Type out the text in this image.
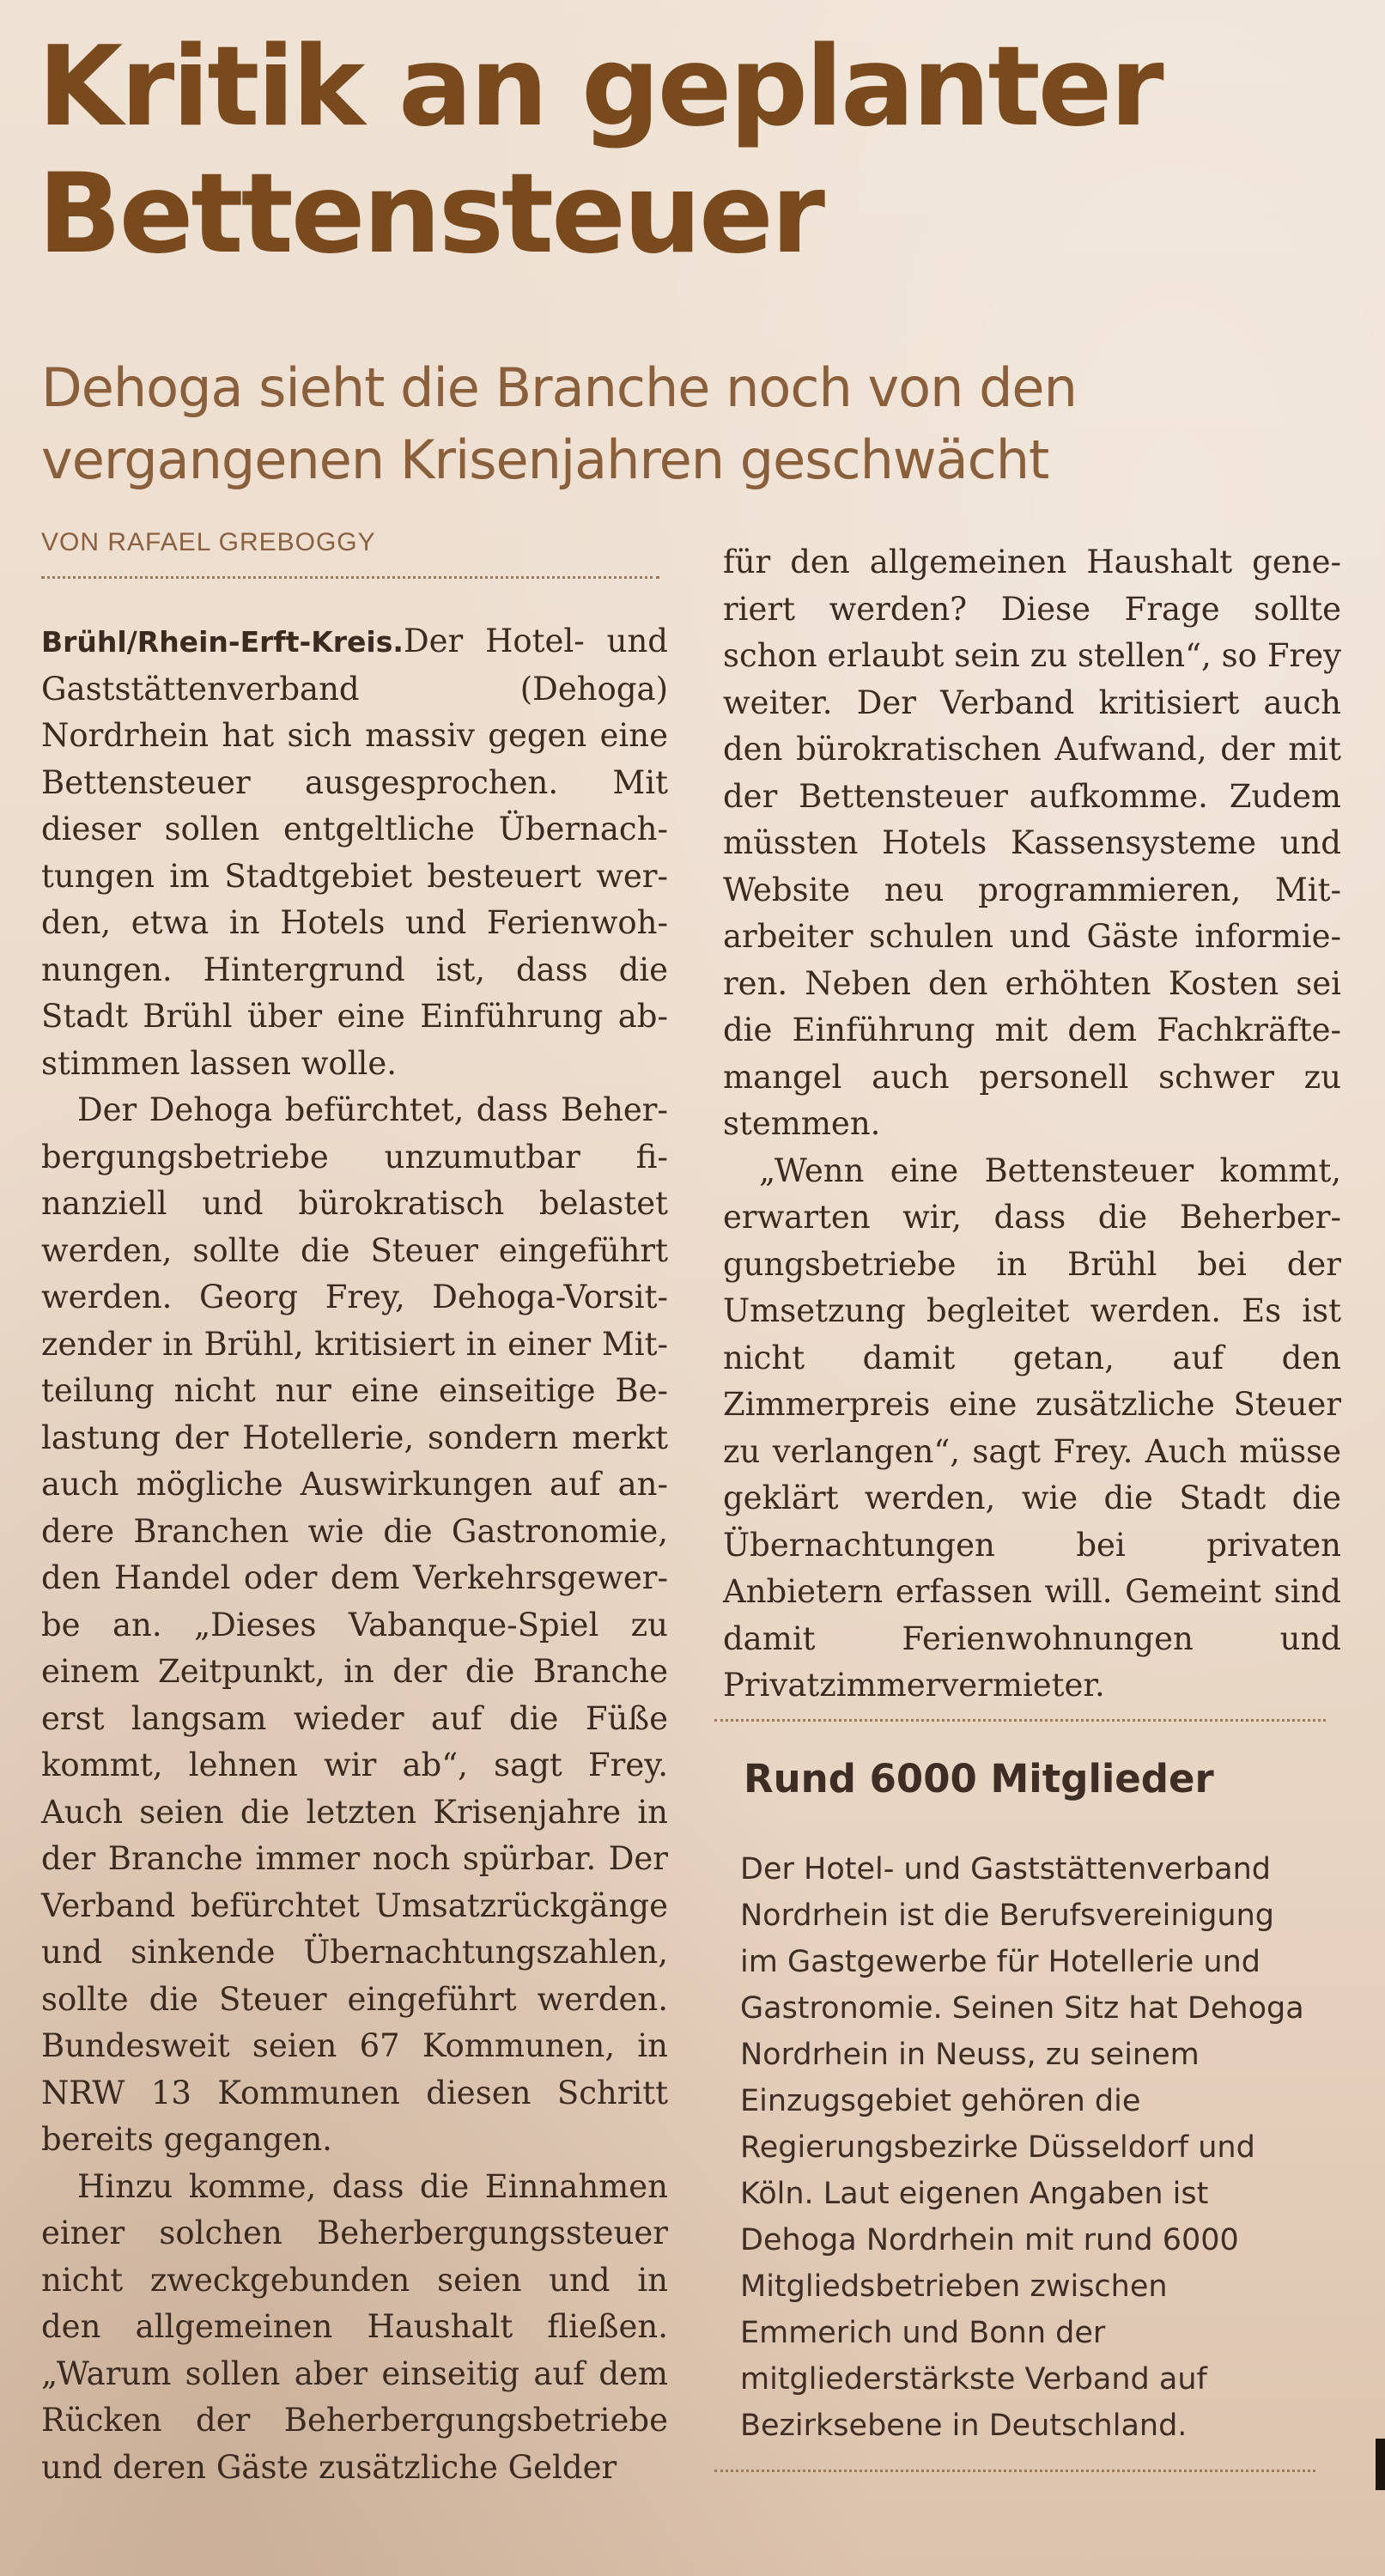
Kritik an geplanter Bettensteuer
Dehoga sieht die Branche noch von den vergangenen Krisenjahren geschwächt
VON RAFAEL GREBOGGY

Brühl/Rhein-Erft-Kreis.Der Hotel- und Gaststättenverband (Dehoga) Nordrhein hat sich massiv gegen eine Bettensteuer ausgesprochen. Mit dieser sollen entgeltliche Übernachtungen im Stadtgebiet besteuert werden, etwa in Hotels und Ferienwohnungen. Hintergrund ist, dass die Stadt Brühl über eine Einführung abstimmen lassen wolle.

Der Dehoga befürchtet, dass Beherbergungsbetriebe unzumutbar finanziell und bürokratisch belastet werden, sollte die Steuer eingeführt werden. Georg Frey, Dehoga-Vorsitzender in Brühl, kritisiert in einer Mitteilung nicht nur eine einseitige Belastung der Hotellerie, sondern merkt auch mögliche Auswirkungen auf andere Branchen wie die Gastronomie, den Handel oder dem Verkehrsgewerbe an. „Dieses Vabanque-Spiel zu einem Zeitpunkt, in der die Branche erst langsam wieder auf die Füße kommt, lehnen wir ab“, sagt Frey. Auch seien die letzten Krisenjahre in der Branche immer noch spürbar. Der Verband befürchtet Umsatzrückgänge und sinkende Übernachtungszahlen, sollte die Steuer eingeführt werden. Bundesweit seien 67 Kommunen, in NRW 13 Kommunen diesen Schritt bereits gegangen.

Hinzu komme, dass die Einnahmen einer solchen Beherbergungssteuer nicht zweckgebunden seien und in den allgemeinen Haushalt fließen. „Warum sollen aber einseitig auf dem Rücken der Beherbergungsbetriebe und deren Gäste zusätzliche Gelder

für den allgemeinen Haushalt generiert werden? Diese Frage sollte schon erlaubt sein zu stellen“, so Frey weiter. Der Verband kritisiert auch den bürokratischen Aufwand, der mit der Bettensteuer aufkomme. Zudem müssten Hotels Kassensysteme und Website neu programmieren, Mitarbeiter schulen und Gäste informieren. Neben den erhöhten Kosten sei die Einführung mit dem Fachkräftemangel auch personell schwer zu stemmen.

„Wenn eine Bettensteuer kommt, erwarten wir, dass die Beherbergungsbetriebe in Brühl bei der Umsetzung begleitet werden. Es ist nicht damit getan, auf den Zimmerpreis eine zusätzliche Steuer zu verlangen“, sagt Frey. Auch müsse geklärt werden, wie die Stadt die Übernachtungen bei privaten Anbietern erfassen will. Gemeint sind damit Ferienwohnungen und Privatzimmervermieter.

Rund 6000 Mitglieder

Der Hotel- und Gaststättenverband Nordrhein ist die Berufsvereinigung im Gastgewerbe für Hotellerie und Gastronomie. Seinen Sitz hat Dehoga Nordrhein in Neuss, zu seinem Einzugsgebiet gehören die Regierungsbezirke Düsseldorf und Köln. Laut eigenen Angaben ist Dehoga Nordrhein mit rund 6000 Mitgliedsbetrieben zwischen Emmerich und Bonn der mitgliederstärkste Verband auf Bezirksebene in Deutschland.
